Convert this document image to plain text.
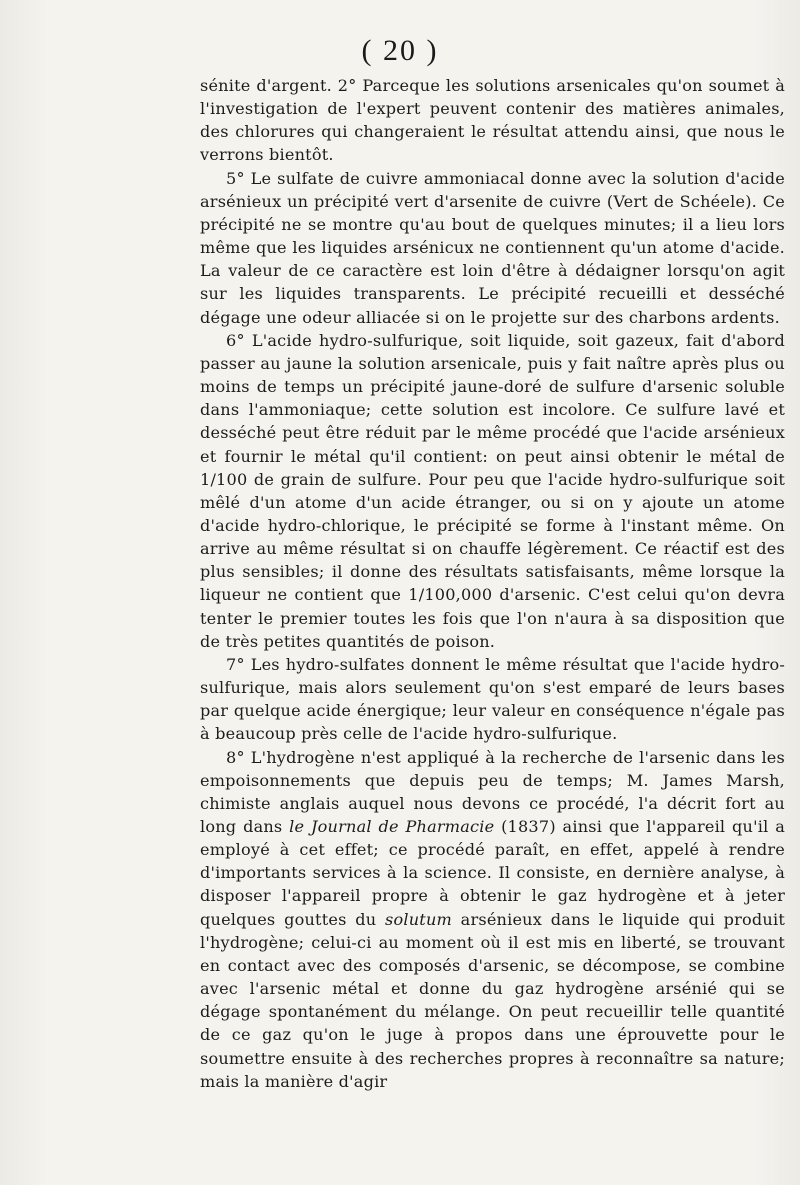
( 20 )

sénite d'argent. 2° Parceque les solutions arsenicales qu'on soumet à l'investigation de l'expert peuvent contenir des matières animales, des chlorures qui changeraient le résultat attendu ainsi, que nous le verrons bientôt.

5° Le sulfate de cuivre ammoniacal donne avec la solution d'acide arsénieux un précipité vert d'arsenite de cuivre (Vert de Schéele). Ce précipité ne se montre qu'au bout de quelques minutes; il a lieu lors même que les liquides arsénicux ne contiennent qu'un atome d'acide. La valeur de ce caractère est loin d'être à dédaigner lorsqu'on agit sur les liquides transparents. Le précipité recueilli et desséché dégage une odeur alliacée si on le projette sur des charbons ardents.

6° L'acide hydro-sulfurique, soit liquide, soit gazeux, fait d'abord passer au jaune la solution arsenicale, puis y fait naître après plus ou moins de temps un précipité jaune-doré de sulfure d'arsenic soluble dans l'ammoniaque; cette solution est incolore. Ce sulfure lavé et desséché peut être réduit par le même procédé que l'acide arsénieux et fournir le métal qu'il contient: on peut ainsi obtenir le métal de 1/100 de grain de sulfure. Pour peu que l'acide hydro-sulfurique soit mêlé d'un atome d'un acide étranger, ou si on y ajoute un atome d'acide hydro-chlorique, le précipité se forme à l'instant même. On arrive au même résultat si on chauffe légèrement. Ce réactif est des plus sensibles; il donne des résultats satisfaisants, même lorsque la liqueur ne contient que 1/100,000 d'arsenic. C'est celui qu'on devra tenter le premier toutes les fois que l'on n'aura à sa disposition que de très petites quantités de poison.

7° Les hydro-sulfates donnent le même résultat que l'acide hydro-sulfurique, mais alors seulement qu'on s'est emparé de leurs bases par quelque acide énergique; leur valeur en conséquence n'égale pas à beaucoup près celle de l'acide hydro-sulfurique.

8° L'hydrogène n'est appliqué à la recherche de l'arsenic dans les empoisonnements que depuis peu de temps; M. James Marsh, chimiste anglais auquel nous devons ce procédé, l'a décrit fort au long dans le Journal de Pharmacie (1837) ainsi que l'appareil qu'il a employé à cet effet; ce procédé paraît, en effet, appelé à rendre d'importants services à la science. Il consiste, en dernière analyse, à disposer l'appareil propre à obtenir le gaz hydrogène et à jeter quelques gouttes du solutum arsénieux dans le liquide qui produit l'hydrogène; celui-ci au moment où il est mis en liberté, se trouvant en contact avec des composés d'arsenic, se décompose, se combine avec l'arsenic métal et donne du gaz hydrogène arsénié qui se dégage spontanément du mélange. On peut recueillir telle quantité de ce gaz qu'on le juge à propos dans une éprouvette pour le soumettre ensuite à des recherches propres à reconnaître sa nature; mais la manière d'agir
